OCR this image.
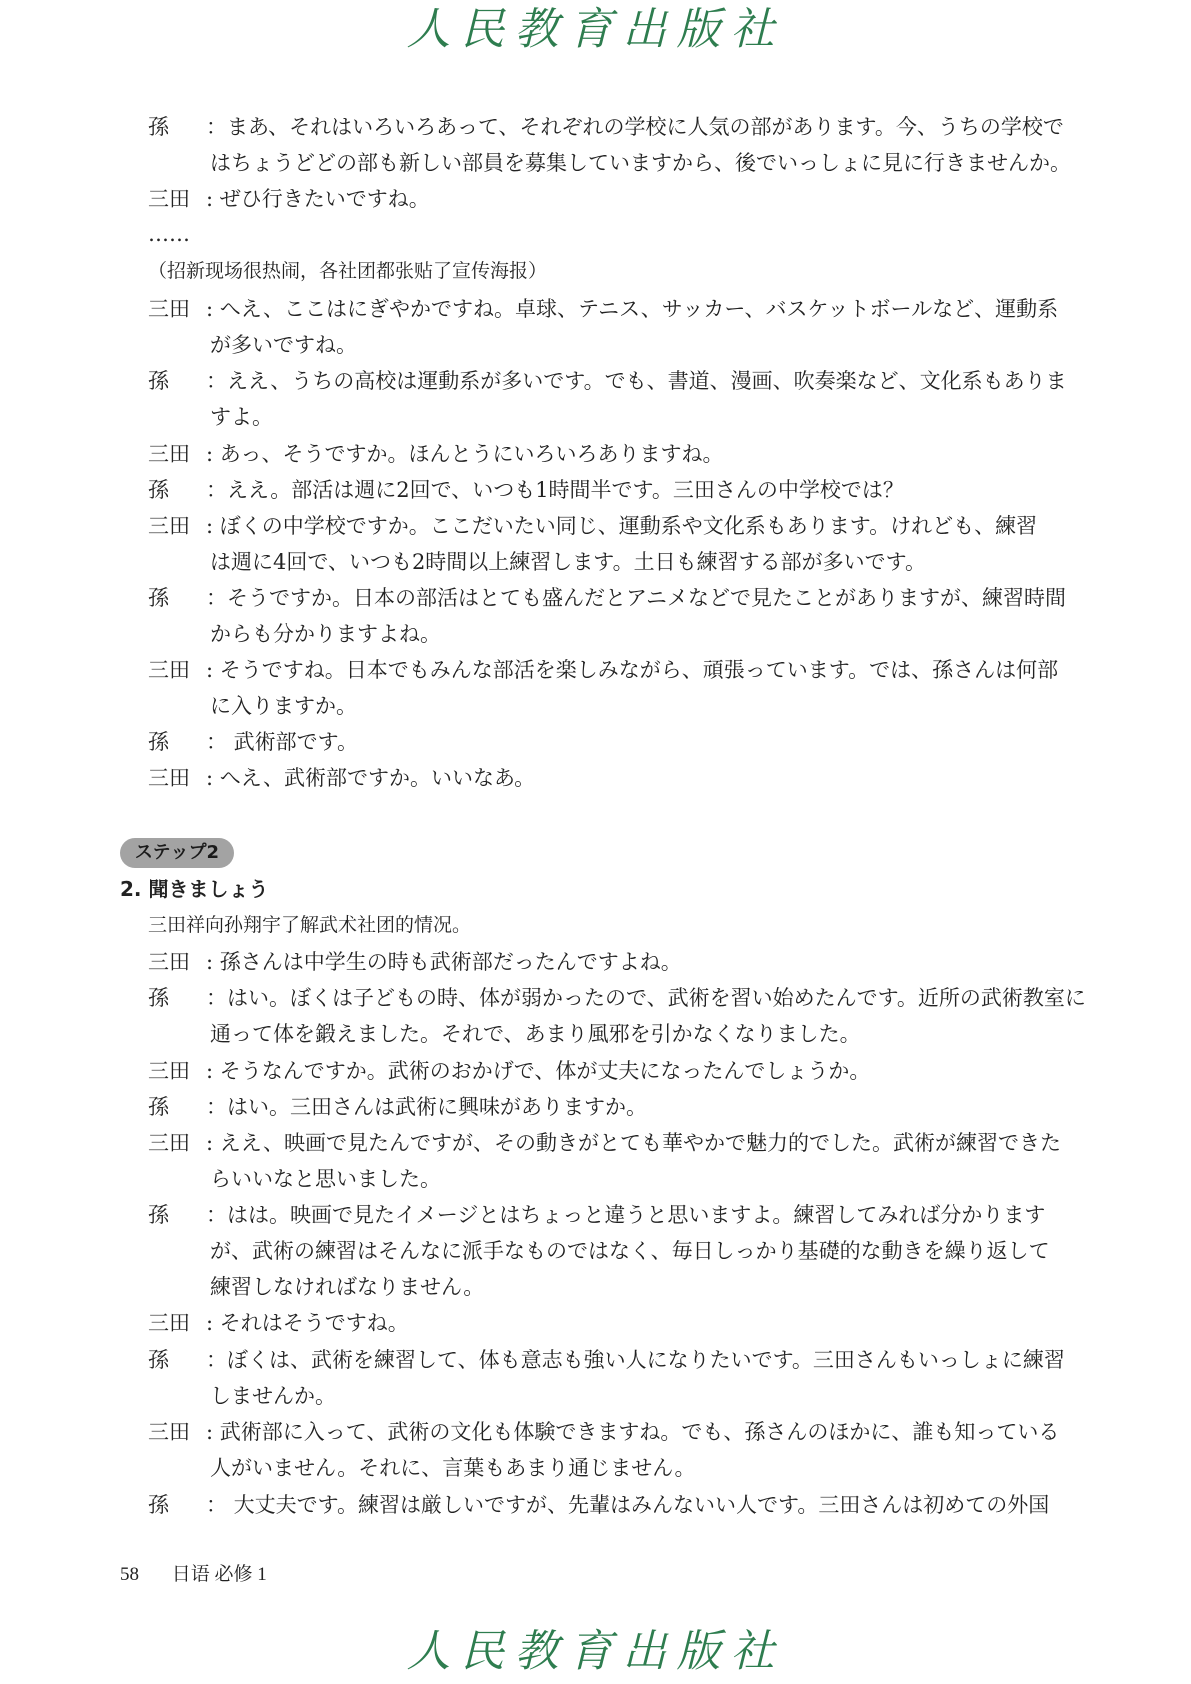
人民教育出版社
孫 ：まあ、それはいろいろあって、それぞれの学校に人気の部があります。今、うちの学校で
はちょうどどの部も新しい部員を募集していますから、後でいっしょに見に行きませんか。
三田 : ぜひ行きたいですね。
……
（招新现场很热闹，各社团都张贴了宣传海报）
三田 : へえ、ここはにぎやかですね。卓球、テニス、サッカー、バスケットボールなど、運動系
が多いですね。
孫 ：ええ、うちの高校は運動系が多いです。でも、書道、漫画、吹奏楽など、文化系もありま
すよ。
三田 : あっ、そうですか。ほんとうにいろいろありますね。
孫 ：ええ。部活は週に2回で、いつも1時間半です。三田さんの中学校では？
三田 : ぼくの中学校ですか。ここだいたい同じ、運動系や文化系もあります。けれども、練習
は週に4回で、いつも2時間以上練習します。土日も練習する部が多いです。
孫 ：そうですか。日本の部活はとても盛んだとアニメなどで見たことがありますが、練習時間
からも分かりますよね。
三田 : そうですね。日本でもみんな部活を楽しみながら、頑張っています。では、孫さんは何部
に入りますか。
孫 ： 武術部です。
三田 : へえ、武術部ですか。いいなあ。
三田祥向孙翔宇了解武术社团的情况。
三田 : 孫さんは中学生の時も武術部だったんですよね。
孫 ：はい。ぼくは子どもの時、体が弱かったので、武術を習い始めたんです。近所の武術教室に
通って体を鍛えました。それで、あまり風邪を引かなくなりました。
三田 : そうなんですか。武術のおかげで、体が丈夫になったんでしょうか。
孫 ：はい。三田さんは武術に興味がありますか。
三田 : ええ、映画で見たんですが、その動きがとても華やかで魅力的でした。武術が練習できた
らいいなと思いました。
孫 ：はは。映画で見たイメージとはちょっと違うと思いますよ。練習してみれば分かります
が、武術の練習はそんなに派手なものではなく、毎日しっかり基礎的な動きを繰り返して
練習しなければなりません。
三田 : それはそうですね。
孫 ：ぼくは、武術を練習して、体も意志も強い人になりたいです。三田さんもいっしょに練習
しませんか。
三田 : 武術部に入って、武術の文化も体験できますね。でも、孫さんのほかに、誰も知っている
人がいません。それに、言葉もあまり通じません。
孫 ： 大丈夫です。練習は厳しいですが、先輩はみんないい人です。三田さんは初めての外国
ステップ2
2. 聞きましょう
58 日语 必修 1
人民教育出版社
